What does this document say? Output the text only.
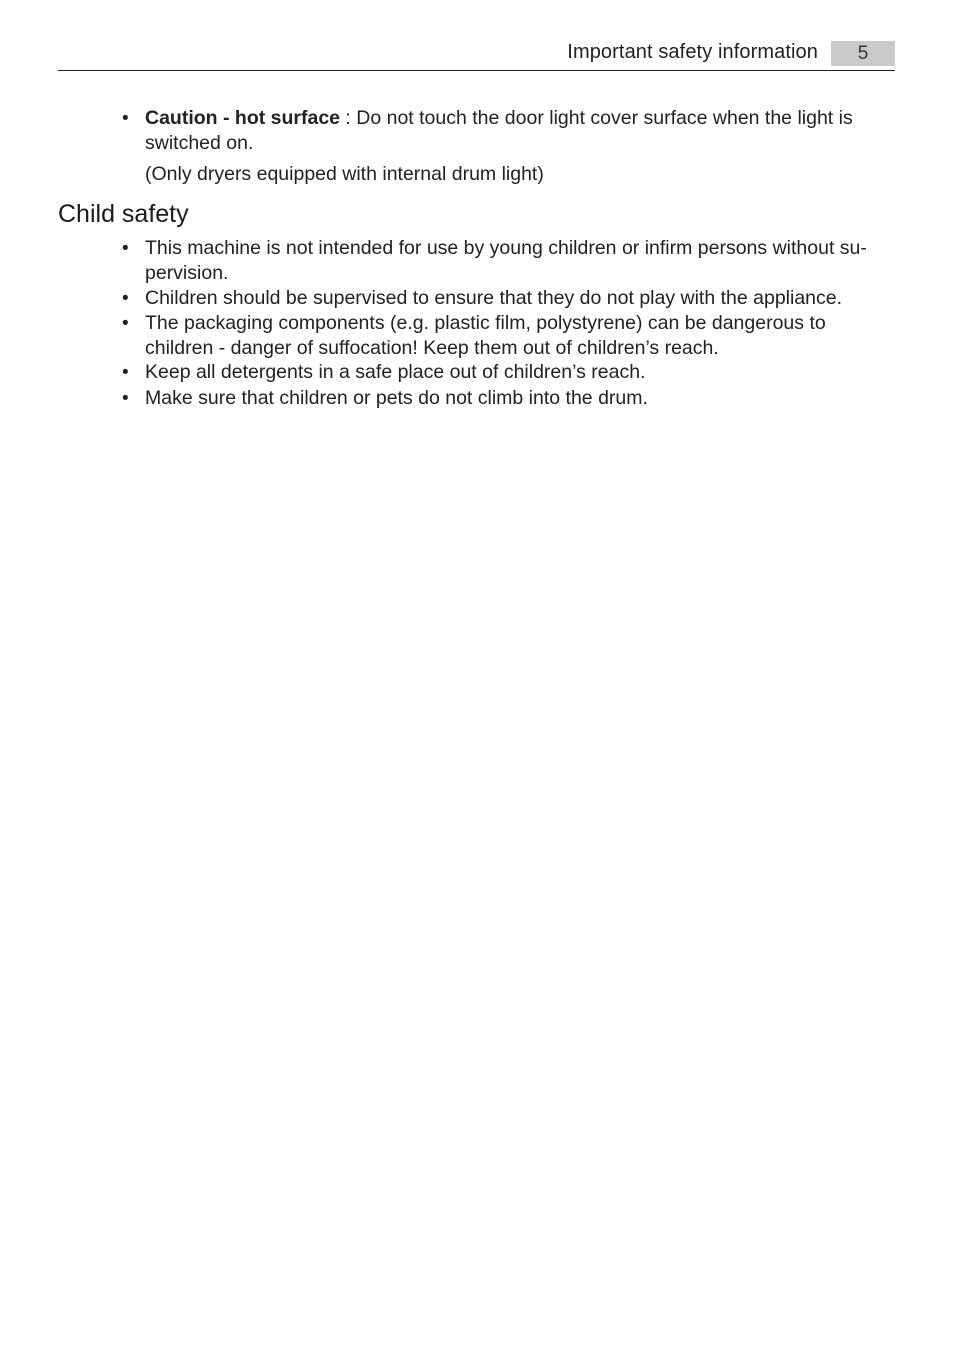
Important safety information	5
• Caution - hot surface : Do not touch the door light cover surface when the light is switched on.
(Only dryers equipped with internal drum light)
Child safety
• This machine is not intended for use by young children or infirm persons without su-pervision.
• Children should be supervised to ensure that they do not play with the appliance.
• The packaging components (e.g. plastic film, polystyrene) can be dangerous to children - danger of suffocation! Keep them out of children’s reach.
• Keep all detergents in a safe place out of children’s reach.
• Make sure that children or pets do not climb into the drum.
